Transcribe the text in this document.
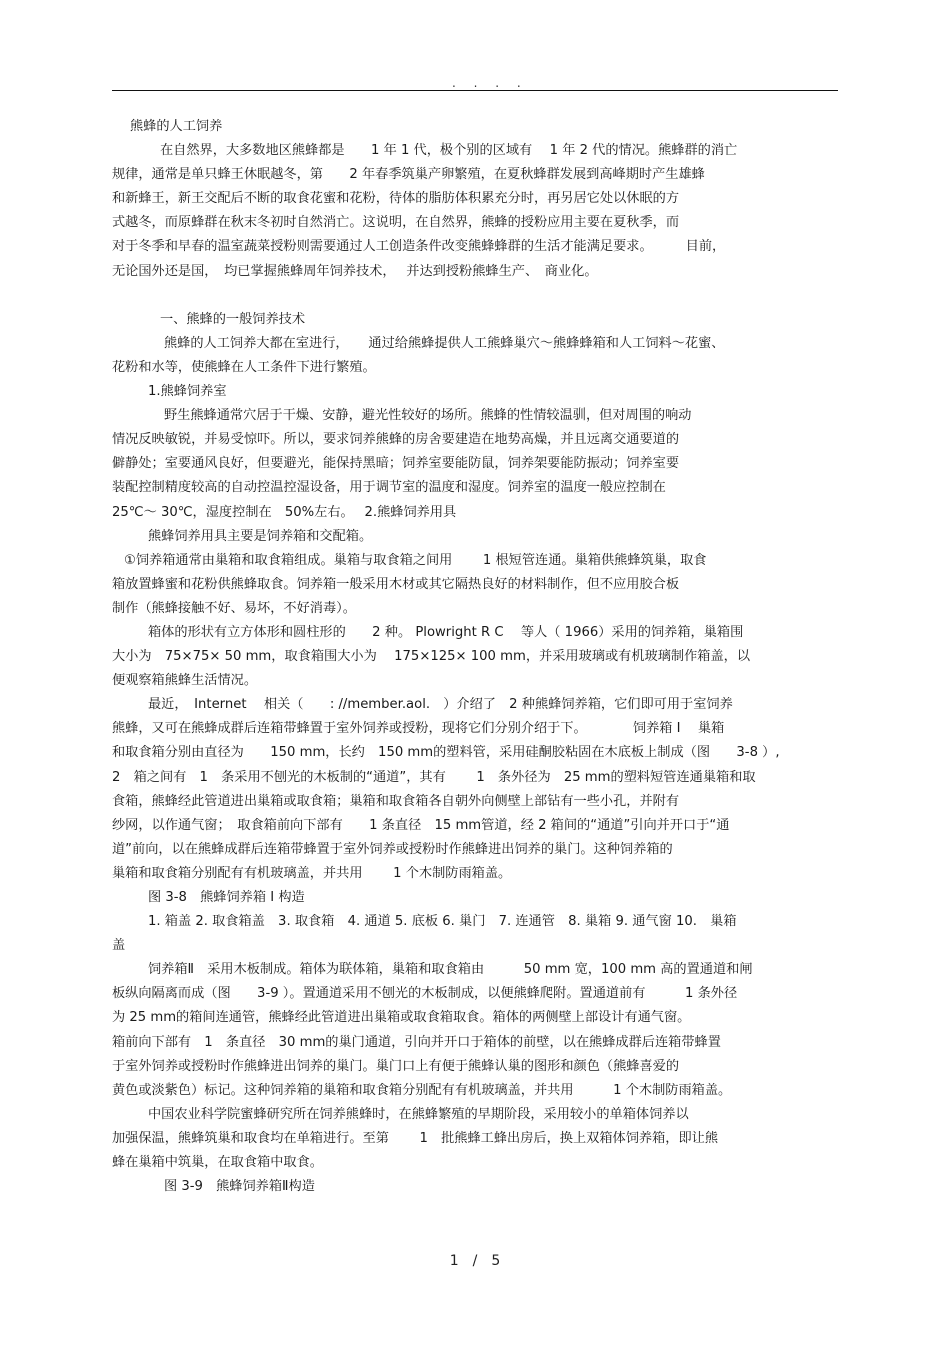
. . . .
熊蜂的人工饲养
在自然界，大多数地区熊蜂都是　　1 年 1 代，极个别的区域有　 1 年 2 代的情况。熊蜂群的消亡
规律，通常是单只蜂王休眠越冬，第　　2 年春季筑巢产卵繁殖，在夏秋蜂群发展到高峰期时产生雄蜂
和新蜂王，新王交配后不断的取食花蜜和花粉，待体的脂肪体积累充分时，再另居它处以休眠的方
式越冬，而原蜂群在秋末冬初时自然消亡。这说明，在自然界，熊蜂的授粉应用主要在夏秋季，而
对于冬季和早春的温室蔬菜授粉则需要通过人工创造条件改变熊蜂蜂群的生活才能满足要求。　　　目前，
无论国外还是国，　均已掌握熊蜂周年饲养技术，　 并达到授粉熊蜂生产、　商业化。
一、熊蜂的一般饲养技术
熊蜂的人工饲养大都在室进行，　　通过给熊蜂提供人工熊蜂巢穴～熊蜂蜂箱和人工饲料～花蜜、
花粉和水等，使熊蜂在人工条件下进行繁殖。
1.熊蜂饲养室
野生熊蜂通常穴居于干燥、安静，避光性较好的场所。熊蜂的性情较温驯，但对周围的响动
情况反映敏锐，并易受惊吓。所以，要求饲养熊蜂的房舍要建造在地势高燥，并且远离交通要道的
僻静处；室要通风良好，但要避光，能保持黑暗；饲养室要能防鼠，饲养架要能防振动；饲养室要
装配控制精度较高的自动控温控湿设备，用于调节室的温度和湿度。饲养室的温度一般应控制在
25℃～ 30℃，湿度控制在　50%左右。　 2.熊蜂饲养用具
熊蜂饲养用具主要是饲养箱和交配箱。
①饲养箱通常由巢箱和取食箱组成。巢箱与取食箱之间用　　 1 根短管连通。巢箱供熊蜂筑巢，取食
箱放置蜂蜜和花粉供熊蜂取食。饲养箱一般采用木材或其它隔热良好的材料制作，但不应用胶合板
制作（熊蜂接触不好、易坏，不好消毒）。
箱体的形状有立方体形和圆柱形的　　2 种。 Plowright R C　 等人（ 1966）采用的饲养箱，巢箱围
大小为　75×75× 50 mm，取食箱围大小为　 175×125× 100 mm，并采用玻璃或有机玻璃制作箱盖，以
便观察箱熊蜂生活情况。
最近，　Internet　 相关（　　: //member.aol.　）介绍了　2 种熊蜂饲养箱，它们即可用于室饲养
熊蜂，又可在熊蜂成群后连箱带蜂置于室外饲养或授粉，现将它们分别介绍于下。　　　　饲养箱 I　 巢箱
和取食箱分别由直径为　　150 mm，长约　150 mm的塑料管，采用硅酮胶粘固在木底板上制成（图　　3-8 ）,
2　箱之间有　1　条采用不刨光的木板制的“通道”，其有　　 1　条外径为　25 mm的塑料短管连通巢箱和取
食箱，熊蜂经此管道进出巢箱或取食箱；巢箱和取食箱各自朝外向侧壁上部钻有一些小孔，并附有
纱网，以作通气窗；　取食箱前向下部有　　1 条直径　15 mm管道，经 2 箱间的“通道”引向并开口于“通
道”前向，以在熊蜂成群后连箱带蜂置于室外饲养或授粉时作熊蜂进出饲养的巢门。这种饲养箱的
巢箱和取食箱分别配有有机玻璃盖，并共用　　 1 个木制防雨箱盖。
图 3-8　熊蜂饲养箱 I 构造
1. 箱盖 2. 取食箱盖　3. 取食箱　4. 通道 5. 底板 6. 巢门　7. 连通管　8. 巢箱 9. 通气窗 10.　巢箱
盖
饲养箱Ⅱ　采用木板制成。箱体为联体箱，巢箱和取食箱由　　　50 mm 宽，100 mm 高的置通道和闸
板纵向隔离而成（图　　3-9 ）。置通道采用不刨光的木板制成，以便熊蜂爬附。置通道前有　　　1 条外径
为 25 mm的箱间连通管，熊蜂经此管道进出巢箱或取食箱取食。箱体的两侧壁上部设计有通气窗。
箱前向下部有　1　条直径　30 mm的巢门通道，引向并开口于箱体的前壁，以在熊蜂成群后连箱带蜂置
于室外饲养或授粉时作熊蜂进出饲养的巢门。巢门口上有便于熊蜂认巢的图形和颜色（熊蜂喜爱的
黄色或淡紫色）标记。这种饲养箱的巢箱和取食箱分别配有有机玻璃盖，并共用　　　1 个木制防雨箱盖。
中国农业科学院蜜蜂研究所在饲养熊蜂时，在熊蜂繁殖的早期阶段，采用较小的单箱体饲养以
加强保温，熊蜂筑巢和取食均在单箱进行。至第　　 1　批熊蜂工蜂出房后，换上双箱体饲养箱，即让熊
蜂在巢箱中筑巢，在取食箱中取食。
图 3-9　熊蜂饲养箱Ⅱ构造
1　/　5
